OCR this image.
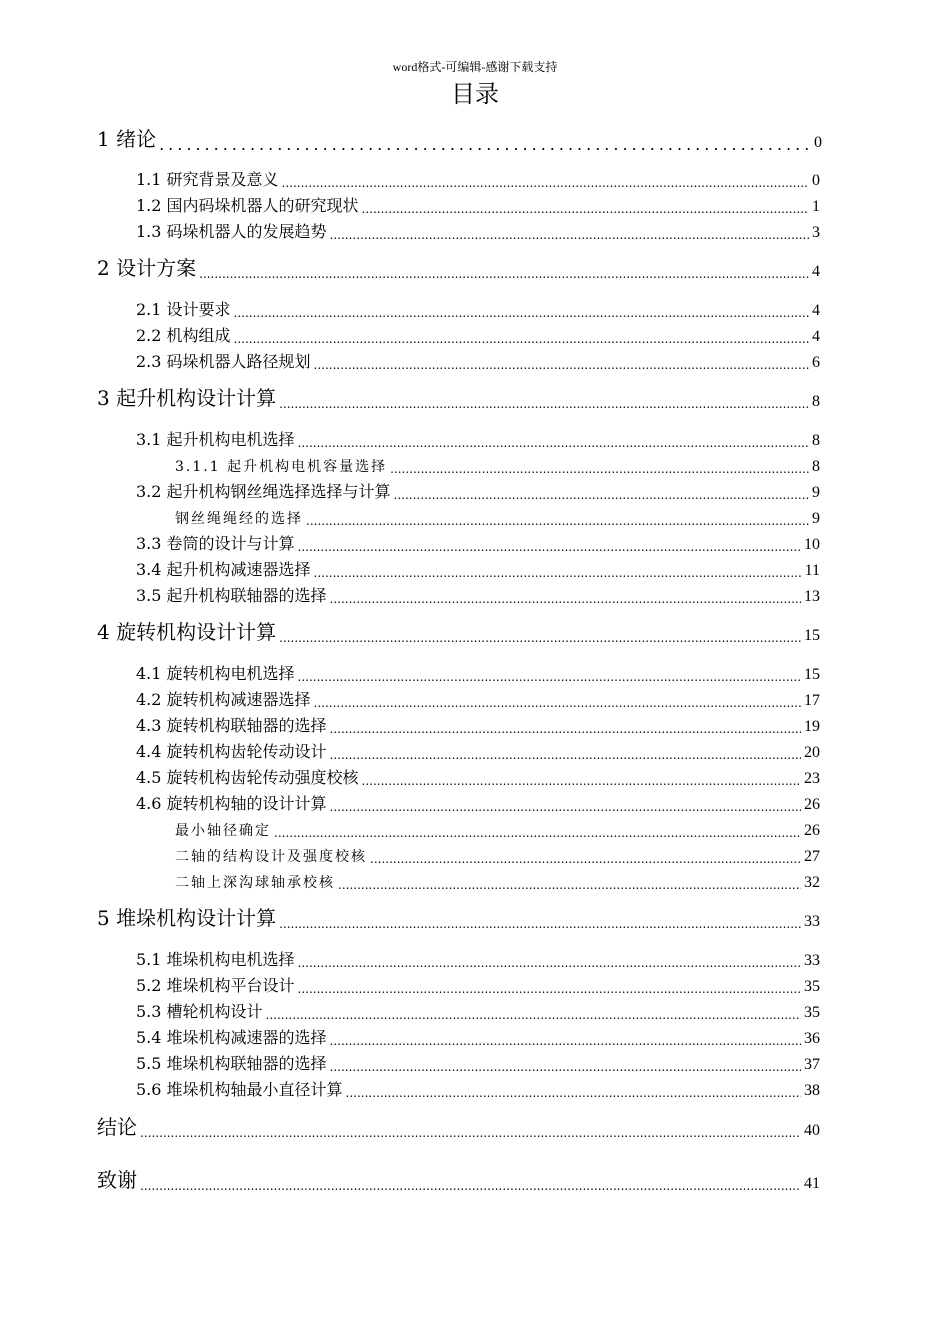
word格式-可编辑-感谢下载支持
目录
1 绪论 .....	0
1.1 研究背景及意义 .....	0
1.2 国内码垛机器人的研究现状 .....	1
1.3 码垛机器人的发展趋势 .....	3
2 设计方案 .....	4
2.1 设计要求 .....	4
2.2 机构组成 .....	4
2.3 码垛机器人路径规划 .....	6
3 起升机构设计计算 .....	8
3.1 起升机构电机选择 .....	8
3.1.1 起升机构电机容量选择 .....	8
3.2 起升机构钢丝绳选择选择与计算 .....	9
钢丝绳绳经的选择 .....	9
3.3 卷筒的设计与计算 .....	10
3.4 起升机构减速器选择 .....	11
3.5 起升机构联轴器的选择 .....	13
4 旋转机构设计计算 .....	15
4.1 旋转机构电机选择 .....	15
4.2 旋转机构减速器选择 .....	17
4.3 旋转机构联轴器的选择 .....	19
4.4 旋转机构齿轮传动设计 .....	20
4.5 旋转机构齿轮传动强度校核 .....	23
4.6 旋转机构轴的设计计算 .....	26
最小轴径确定 .....	26
二轴的结构设计及强度校核 .....	27
二轴上深沟球轴承校核 .....	32
5 堆垛机构设计计算 .....	33
5.1 堆垛机构电机选择 .....	33
5.2 堆垛机构平台设计 .....	35
5.3 槽轮机构设计 .....	35
5.4 堆垛机构减速器的选择 .....	36
5.5 堆垛机构联轴器的选择 .....	37
5.6 堆垛机构轴最小直径计算 .....	38
结论 .....	40
致谢 .....	41
